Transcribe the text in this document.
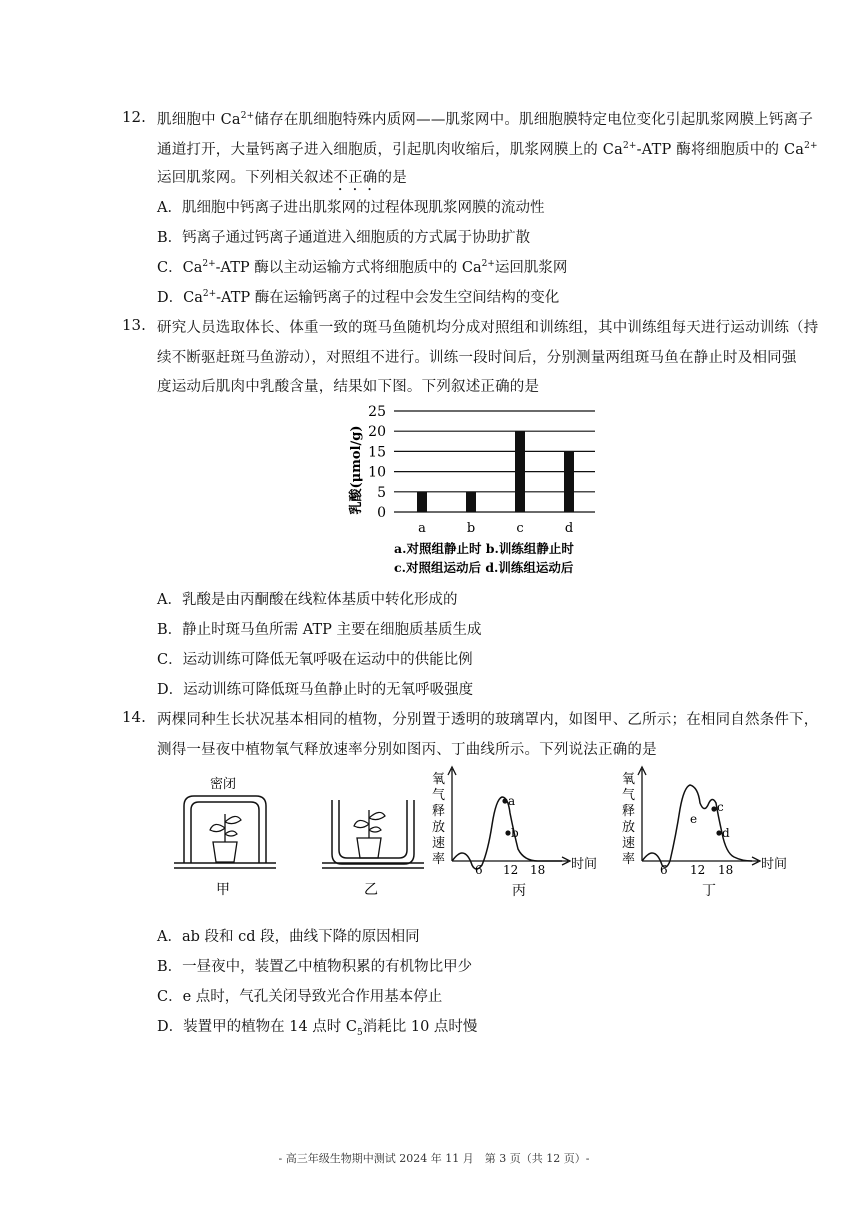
12. 肌细胞中 $Ca^{2+}$储存在肌细胞特殊内质网——肌浆网中。肌细胞膜特定电位变化引起肌浆网膜上钙离子
通道打开，大量钙离子进入细胞质，引起肌肉收缩后，肌浆网膜上的 $Ca^{2+}$-ATP 酶将细胞质中的 $Ca^{2+}$
运回肌浆网。下列相关叙述不正确的是
A．肌细胞中钙离子进出肌浆网的过程体现肌浆网膜的流动性
B．钙离子通过钙离子通道进入细胞质的方式属于协助扩散
C．$Ca^{2+}$-ATP 酶以主动运输方式将细胞质中的 $Ca^{2+}$运回肌浆网
D．$Ca^{2+}$-ATP 酶在运输钙离子的过程中会发生空间结构的变化
13. 研究人员选取体长、体重一致的斑马鱼随机均分成对照组和训练组，其中训练组每天进行运动训练（持
续不断驱赶斑马鱼游动），对照组不进行。训练一段时间后，分别测量两组斑马鱼在静止时及相同强
度运动后肌肉中乳酸含量，结果如下图。下列叙述正确的是
0
5
10
15
20
25
a	b	c	d
乳酸(μmol/g)
a.对照组静止时 b.训练组静止时
c.对照组运动后 d.训练组运动后
A．乳酸是由丙酮酸在线粒体基质中转化形成的
B．静止时斑马鱼所需 ATP 主要在细胞质基质生成
C．运动训练可降低无氧呼吸在运动中的供能比例
D．运动训练可降低斑马鱼静止时的无氧呼吸强度
14. 两棵同种生长状况基本相同的植物，分别置于透明的玻璃罩内，如图甲、乙所示；在相同自然条件下，
测得一昼夜中植物氧气释放速率分别如图丙、丁曲线所示。下列说法正确的是
密闭
甲	乙
氧
气
释
放
速
率
a
b
6 12 18 时间
丙
氧
气
释
放
速
率
e
c
d
6 12 18 时间
丁
A．ab 段和 cd 段，曲线下降的原因相同
B．一昼夜中，装置乙中植物积累的有机物比甲少
C．e 点时，气孔关闭导致光合作用基本停止
D．装置甲的植物在 14 点时 $C_5$消耗比 10 点时慢
- 高三年级生物期中测试 2024 年 11 月　第 3 页（共 12 页）-
